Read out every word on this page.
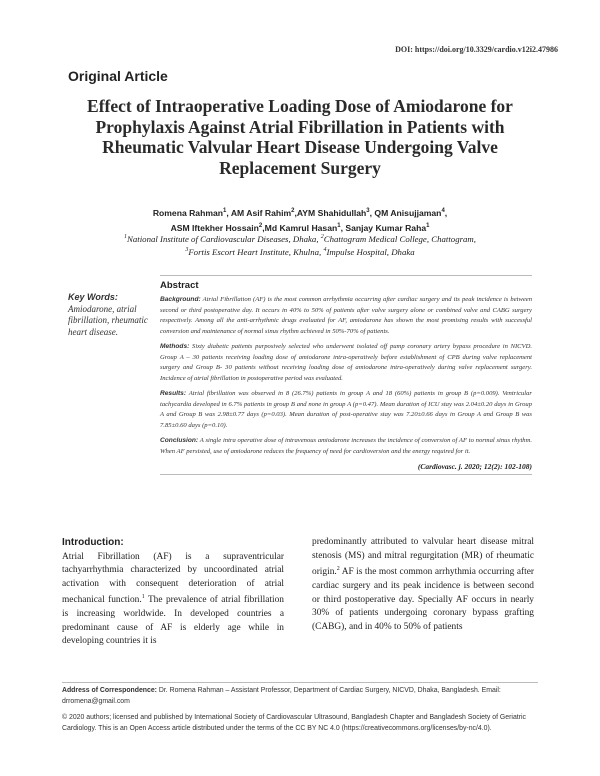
DOI: https://doi.org/10.3329/cardio.v12i2.47986
Original Article
Effect of Intraoperative Loading Dose of Amiodarone for Prophylaxis Against Atrial Fibrillation in Patients with Rheumatic Valvular Heart Disease Undergoing Valve Replacement Surgery
Romena Rahman$^1$, AM Asif Rahim$^2$,AYM Shahidullah$^3$, QM Anisujjaman$^4$,
ASM Iftekher Hossain$^2$,Md Kamrul Hasan$^1$, Sanjay Kumar Raha$^1$
$^1$National Institute of Cardiovascular Diseases, Dhaka, $^2$Chattogram Medical College, Chattogram,
$^3$Fortis Escort Heart Institute, Khulna, $^4$Impulse Hospital, Dhaka
Key Words:
Amiodarone, atrial fibrillation, rheumatic heart disease.
Abstract

Background: Atrial Fibrillation (AF) is the most common arrhythmia occurring after cardiac surgery and its peak incidence is between second or third postoperative day. It occurs in 40% to 50% of patients after valve surgery alone or combined valve and CABG surgery respectively. Among all the anti-arrhythmic drugs evaluated for AF, amiodarone has shown the most promising results with successful conversion and maintenance of normal sinus rhythm achieved in 50%-70% of patients.

Methods: Sixty diabetic patients purposively selected who underwent isolated off pump coronary artery bypass procedure in NICVD. Group A – 30 patients receiving loading dose of amiodarone intra-operatively before establishment of CPB during valve replacement surgery and Group B- 30 patients without receiving loading dose of amiodarone intra-operatively during valve replacement surgery. Incidence of atrial fibrillation in postoperative period was evaluated.

Results: Atrial fibrillation was observed in 8 (26.7%) patients in group A and 18 (60%) patients in group B (p=0.009). Ventricular tachycardia developed in 6.7% patients in group B and none in group A (p=0.47). Mean duration of ICU stay was 2.04±0.20 days in Group A and Group B was 2.98±0.77 days (p=0.03). Mean duration of post-operative stay was 7.20±0.66 days in Group A and Group B was 7.85±0.60 days (p=0.10).

Conclusion: A single intra operative dose of intravenous amiodarone increases the incidence of conversion of AF to normal sinus rhythm. When AF persisted, use of amiodarone reduces the frequency of need for cardioversion and the energy required for it.

(Cardiovasc. j. 2020; 12(2): 102-108)
Introduction:

Atrial Fibrillation (AF) is a supraventricular tachyarrhythmia characterized by uncoordinated atrial activation with consequent deterioration of atrial mechanical function.$^1$ The prevalence of atrial fibrillation is increasing worldwide. In developed countries a predominant cause of AF is elderly age while in developing countries it is

predominantly attributed to valvular heart disease mitral stenosis (MS) and mitral regurgitation (MR) of rheumatic origin.$^2$ AF is the most common arrhythmia occurring after cardiac surgery and its peak incidence is between second or third postoperative day. Specially AF occurs in nearly 30% of patients undergoing coronary bypass grafting (CABG), and in 40% to 50% of patients

Address of Correspondence: Dr. Romena Rahman – Assistant Professor, Department of Cardiac Surgery, NICVD, Dhaka, Bangladesh. Email: drromena@gmail.com

© 2020 authors; licensed and published by International Society of Cardiovascular Ultrasound, Bangladesh Chapter and Bangladesh Society of Geriatric Cardiology. This is an Open Access article distributed under the terms of the CC BY NC 4.0 (https://creativecommons.org/licenses/by-nc/4.0).
